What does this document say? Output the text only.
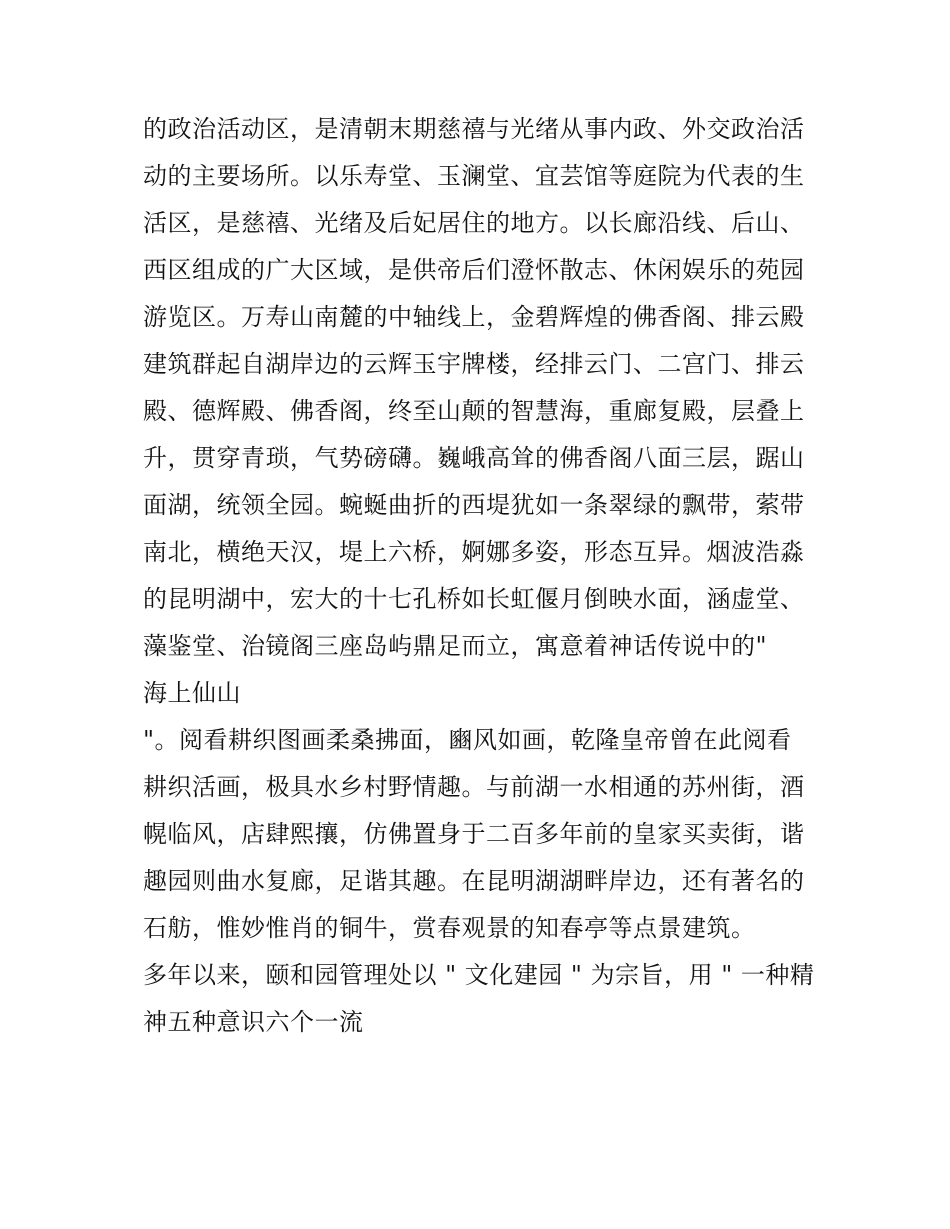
的政治活动区，是清朝末期慈禧与光绪从事内政、外交政治活
动的主要场所。以乐寿堂、玉澜堂、宜芸馆等庭院为代表的生
活区，是慈禧、光绪及后妃居住的地方。以长廊沿线、后山、
西区组成的广大区域，是供帝后们澄怀散志、休闲娱乐的苑园
游览区。万寿山南麓的中轴线上，金碧辉煌的佛香阁、排云殿
建筑群起自湖岸边的云辉玉宇牌楼，经排云门、二宫门、排云
殿、德辉殿、佛香阁，终至山颠的智慧海，重廊复殿，层叠上
升，贯穿青琐，气势磅礴。巍峨高耸的佛香阁八面三层，踞山
面湖，统领全园。蜿蜒曲折的西堤犹如一条翠绿的飘带，萦带
南北，横绝天汉，堤上六桥，婀娜多姿，形态互异。烟波浩淼
的昆明湖中，宏大的十七孔桥如长虹偃月倒映水面，涵虚堂、
藻鉴堂、治镜阁三座岛屿鼎足而立，寓意着神话传说中的"
海上仙山
"。阅看耕织图画柔桑拂面，豳风如画，乾隆皇帝曾在此阅看
耕织活画，极具水乡村野情趣。与前湖一水相通的苏州街，酒
幌临风，店肆熙攘，仿佛置身于二百多年前的皇家买卖街，谐
趣园则曲水复廊，足谐其趣。在昆明湖湖畔岸边，还有著名的
石舫，惟妙惟肖的铜牛，赏春观景的知春亭等点景建筑。
多年以来，颐和园管理处以 " 文化建园 " 为宗旨，用 " 一种精
神五种意识六个一流
